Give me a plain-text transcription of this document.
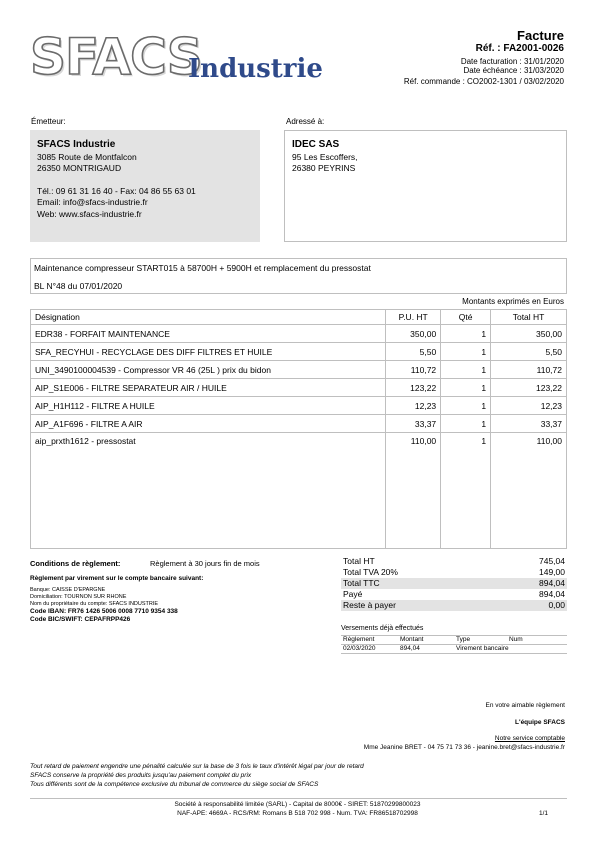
SFACS
Industrie
Facture
Réf. : FA2001-0026
Date facturation : 31/01/2020
Date échéance : 31/03/2020
Réf. commande : CO2002-1301 / 03/02/2020
Émetteur:	Adressé à:
SFACS Industrie
3085 Route de Montfalcon
26350 MONTRIGAUD
Tél.: 09 61 31 16 40 - Fax: 04 86 55 63 01
Email: info@sfacs-industrie.fr
Web: www.sfacs-industrie.fr
IDEC SAS
95 Les Escoffers,
26380 PEYRINS
Maintenance compresseur START015 à 58700H + 5900H et remplacement du pressostat
BL N°48 du 07/01/2020
Montants exprimés en Euros
Désignation	P.U. HT	Qté	Total HT
EDR38 - FORFAIT MAINTENANCE	350,00	1	350,00
SFA_RECYHUI - RECYCLAGE DES DIFF FILTRES ET HUILE	5,50	1	5,50
UNI_3490100004539 - Compressor VR 46 (25L ) prix du bidon	110,72	1	110,72
AIP_S1E006 - FILTRE SEPARATEUR AIR / HUILE	123,22	1	123,22
AIP_H1H112 - FILTRE A HUILE	12,23	1	12,23
AIP_A1F696 - FILTRE A AIR	33,37	1	33,37
aip_prxth1612 - pressostat	110,00	1	110,00
Conditions de règlement:	Règlement à 30 jours fin de mois
Règlement par virement sur le compte bancaire suivant:
Banque: CAISSE D'EPARGNE
Domiciliation: TOURNON SUR RHONE
Nom du propriétaire du compte: SFACS INDUSTRIE
Code IBAN: FR76 1426 5006 0008 7710 9354 338
Code BIC/SWIFT: CEPAFRPP426
Total HT	745,04
Total TVA 20%	149,00
Total TTC	894,04
Payé	894,04
Reste à payer	0,00
Versements déjà effectués
Règlement	Montant	Type	Num
02/03/2020	894,04	Virement bancaire
En votre aimable règlement
L'équipe SFACS
Notre service comptable
Mme Jeanine BRET - 04 75 71 73 36 - jeanine.bret@sfacs-industrie.fr
Tout retard de paiement engendre une pénalité calculée sur la base de 3 fois le taux d'intérêt légal par jour de retard
SFACS conserve la propriété des produits jusqu'au paiement complet du prix
Tous différents sont de la compétence exclusive du tribunal de commerce du siège social de SFACS
Société à responsabilité limitée (SARL) - Capital de 8000€ - SIRET: 51870299800023
NAF-APE: 4669A - RCS/RM: Romans B 518 702 998 - Num. TVA: FR86518702998	1/1
